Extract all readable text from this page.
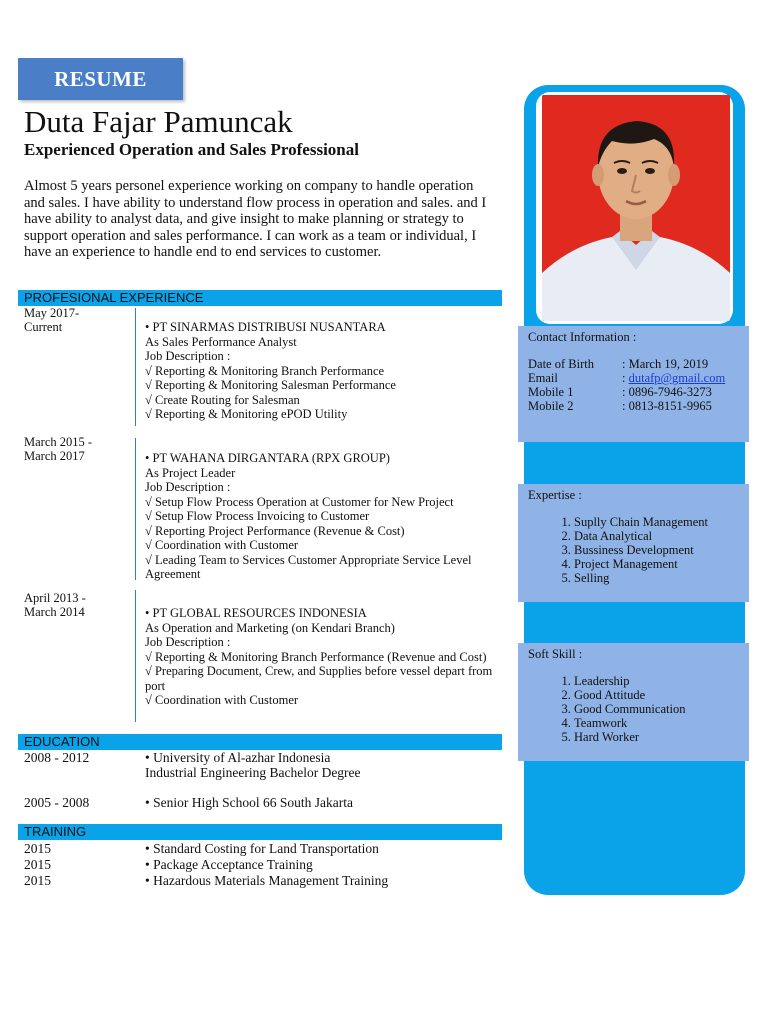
RESUME
Duta Fajar Pamuncak
Experienced Operation and Sales Professional
Almost 5 years personel experience working on company to handle operation and sales. I have ability to understand flow process in operation and sales. and I have ability to analyst data, and give insight to make planning or strategy to support operation and sales performance. I can work as a team or individual, I have an experience to handle end to end services to customer.
PROFESIONAL EXPERIENCE
May 2017-
Current	• PT SINARMAS DISTRIBUSI NUSANTARA
As Sales Performance Analyst
Job Description :
√ Reporting & Monitoring Branch Performance
√ Reporting & Monitoring Salesman Performance
√ Create Routing for Salesman
√ Reporting & Monitoring ePOD Utility
March 2015 -
March 2017	• PT WAHANA DIRGANTARA (RPX GROUP)
As Project Leader
Job Description :
√ Setup Flow Process Operation at Customer for New Project
√ Setup Flow Process Invoicing to Customer
√ Reporting Project Performance (Revenue & Cost)
√ Coordination with Customer
√ Leading Team to Services Customer Appropriate Service Level Agreement
April 2013 -
March 2014	• PT GLOBAL RESOURCES INDONESIA
As Operation and Marketing (on Kendari Branch)
Job Description :
√ Reporting & Monitoring Branch Performance (Revenue and Cost)
√ Preparing Document, Crew, and Supplies before vessel depart from port
√ Coordination with Customer
EDUCATION
2008 - 2012	• University of Al-azhar Indonesia
Industrial Engineering Bachelor Degree
2005 - 2008	• Senior High School 66 South Jakarta
TRAINING
2015	• Standard Costing for Land Transportation
2015	• Package Acceptance Training
2015	• Hazardous Materials Management Training
Contact Information :
Date of Birth	: March 19, 2019
Email	: dutafp@gmail.com
Mobile 1	: 0896-7946-3273
Mobile 2	: 0813-8151-9965
Expertise :
1. Suplly Chain Management
2. Data Analytical
3. Bussiness Development
4. Project Management
5. Selling
Soft Skill :
1. Leadership
2. Good Attitude
3. Good Communication
4. Teamwork
5. Hard Worker
